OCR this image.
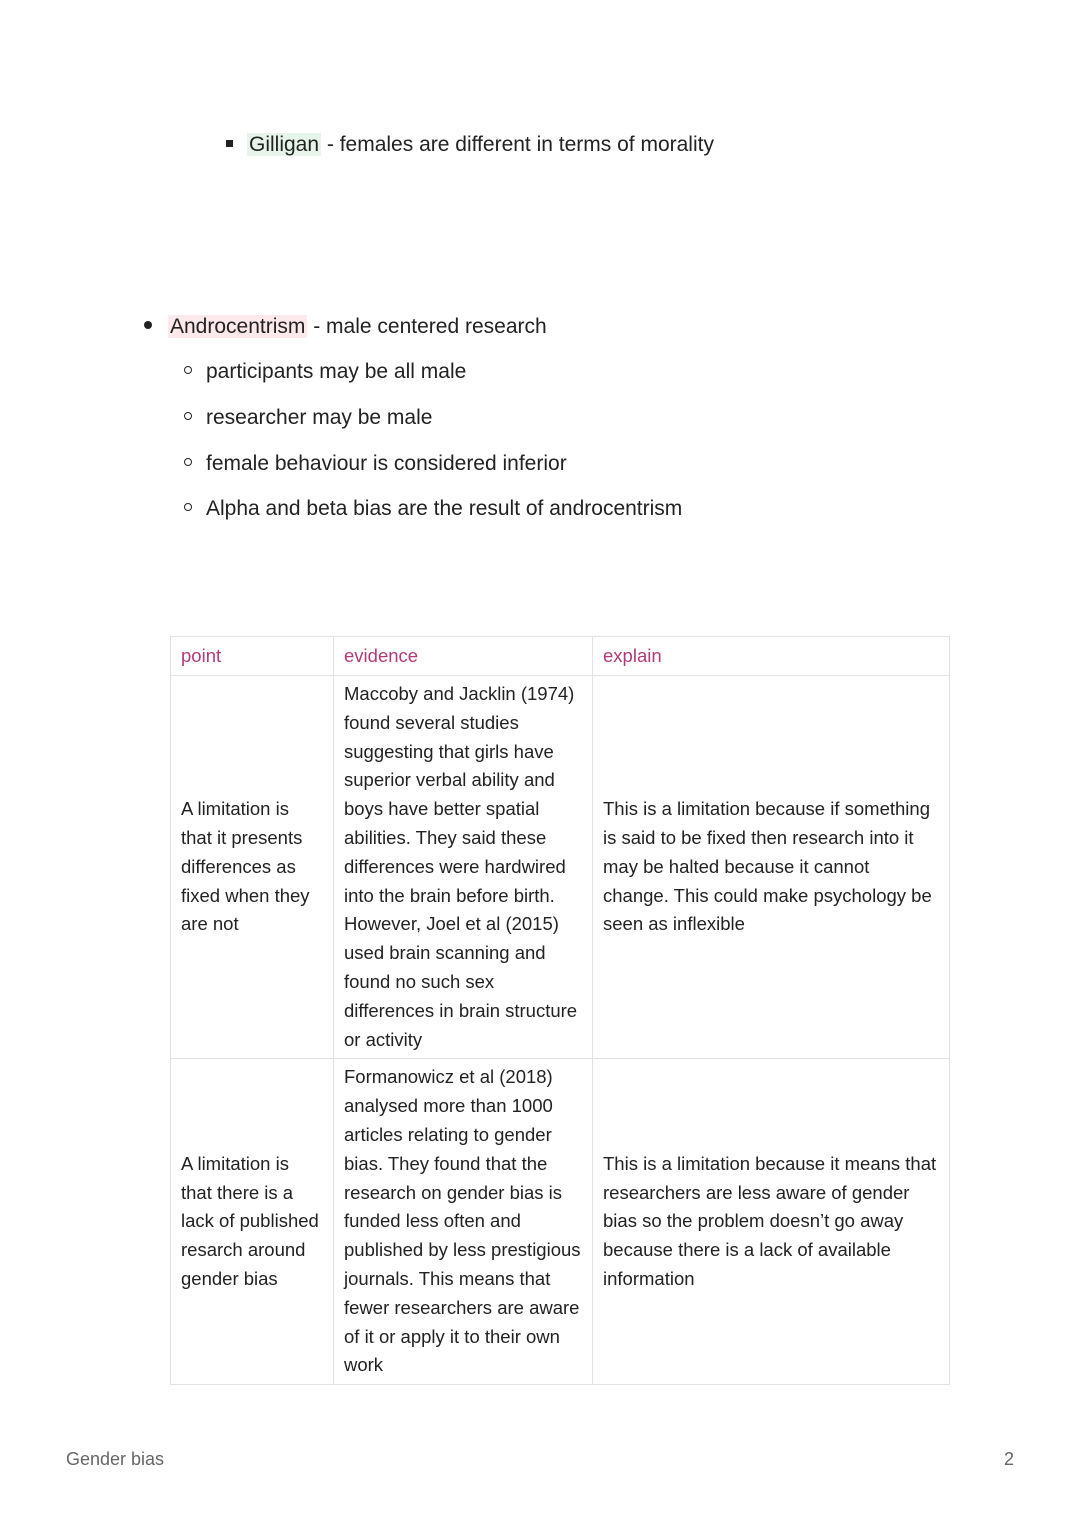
Gilligan - females are different in terms of morality
Androcentrism - male centered research
participants may be all male
researcher may be male
female behaviour is considered inferior
Alpha and beta bias are the result of androcentrism
point	evidence	explain
A limitation is that it presents differences as fixed when they are not	Maccoby and Jacklin (1974) found several studies suggesting that girls have superior verbal ability and boys have better spatial abilities. They said these differences were hardwired into the brain before birth. However, Joel et al (2015) used brain scanning and found no such sex differences in brain structure or activity	This is a limitation because if something is said to be fixed then research into it may be halted because it cannot change. This could make psychology be seen as inflexible
A limitation is that there is a lack of published resarch around gender bias	Formanowicz et al (2018) analysed more than 1000 articles relating to gender bias. They found that the research on gender bias is funded less often and published by less prestigious journals. This means that fewer researchers are aware of it or apply it to their own work	This is a limitation because it means that researchers are less aware of gender bias so the problem doesn’t go away because there is a lack of available information
Gender bias	2
